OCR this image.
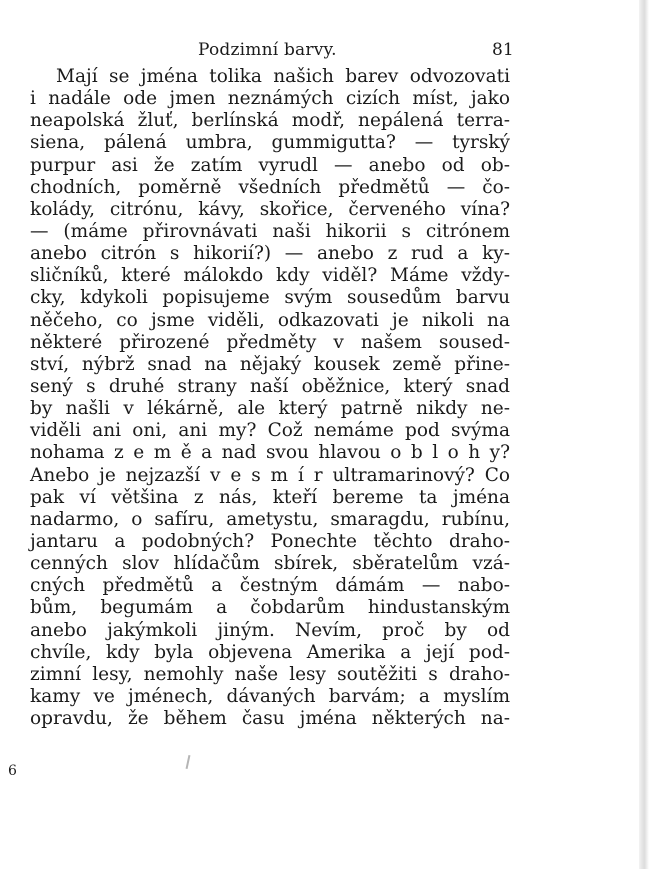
Podzimní barvy.	81
Mají se jména tolika našich barev odvozovati
i nadále ode jmen neznámých cizích míst, jako
neapolská žluť, berlínská modř, nepálená terra-
siena, pálená umbra, gummigutta? — tyrský
purpur asi že zatím vyrudl — anebo od ob-
chodních, poměrně všedních předmětů — čo-
kolády, citrónu, kávy, skořice, červeného vína?
— (máme přirovnávati naši hikorii s citrónem
anebo citrón s hikorií?) — anebo z rud a ky-
sličníků, které málokdo kdy viděl? Máme vždy-
cky, kdykoli popisujeme svým sousedům barvu
něčeho, co jsme viděli, odkazovati je nikoli na
některé přirozené předměty v našem soused-
ství, nýbrž snad na nějaký kousek země přine-
sený s druhé strany naší oběžnice, který snad
by našli v lékárně, ale který patrně nikdy ne-
viděli ani oni, ani my? Což nemáme pod svýma
nohama z e m ě a nad svou hlavou o b l o h y?
Anebo je nejzazší v e s m í r ultramarinový? Co
pak ví většina z nás, kteří bereme ta jména
nadarmo, o safíru, ametystu, smaragdu, rubínu,
jantaru a podobných? Ponechte těchto draho-
cenných slov hlídačům sbírek, sběratelům vzá-
cných předmětů a čestným dámám — nabo-
bům, begumám a čobdarům hindustanským
anebo jakýmkoli jiným. Nevím, proč by od
chvíle, kdy byla objevena Amerika a její pod-
zimní lesy, nemohly naše lesy soutěžiti s draho-
kamy ve jménech, dávaných barvám; a myslím
opravdu, že během času jména některých na-
6
